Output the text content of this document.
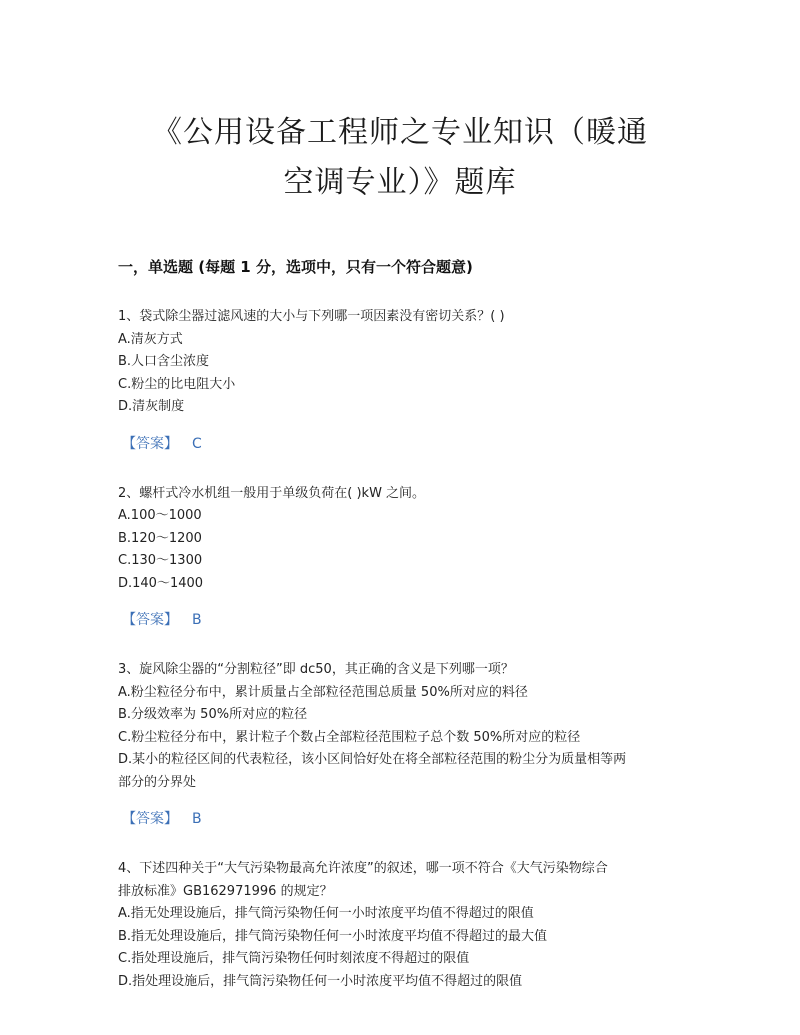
《公用设备工程师之专业知识（暖通
空调专业）》题库
一，单选题 (每题 1 分，选项中，只有一个符合题意)
1、袋式除尘器过滤风速的大小与下列哪一项因素没有密切关系？( )
A.清灰方式
B.人口含尘浓度
C.粉尘的比电阻大小
D.清灰制度
【答案】 C
2、螺杆式冷水机组一般用于单级负荷在( )kW 之间。
A.100～1000
B.120～1200
C.130～1300
D.140～1400
【答案】 B
3、旋风除尘器的“分割粒径”即 dc50，其正确的含义是下列哪一项？
A.粉尘粒径分布中，累计质量占全部粒径范围总质量 50%所对应的料径
B.分级效率为 50%所对应的粒径
C.粉尘粒径分布中，累计粒子个数占全部粒径范围粒子总个数 50%所对应的粒径
D.某小的粒径区间的代表粒径，该小区间恰好处在将全部粒径范围的粉尘分为质量相等两
部分的分界处
【答案】 B
4、下述四种关于“大气污染物最高允许浓度”的叙述，哪一项不符合《大气污染物综合
排放标准》GB162971996 的规定？
A.指无处理设施后，排气筒污染物任何一小时浓度平均值不得超过的限值
B.指无处理设施后，排气筒污染物任何一小时浓度平均值不得超过的最大值
C.指处理设施后，排气筒污染物任何时刻浓度不得超过的限值
D.指处理设施后，排气筒污染物任何一小时浓度平均值不得超过的限值
